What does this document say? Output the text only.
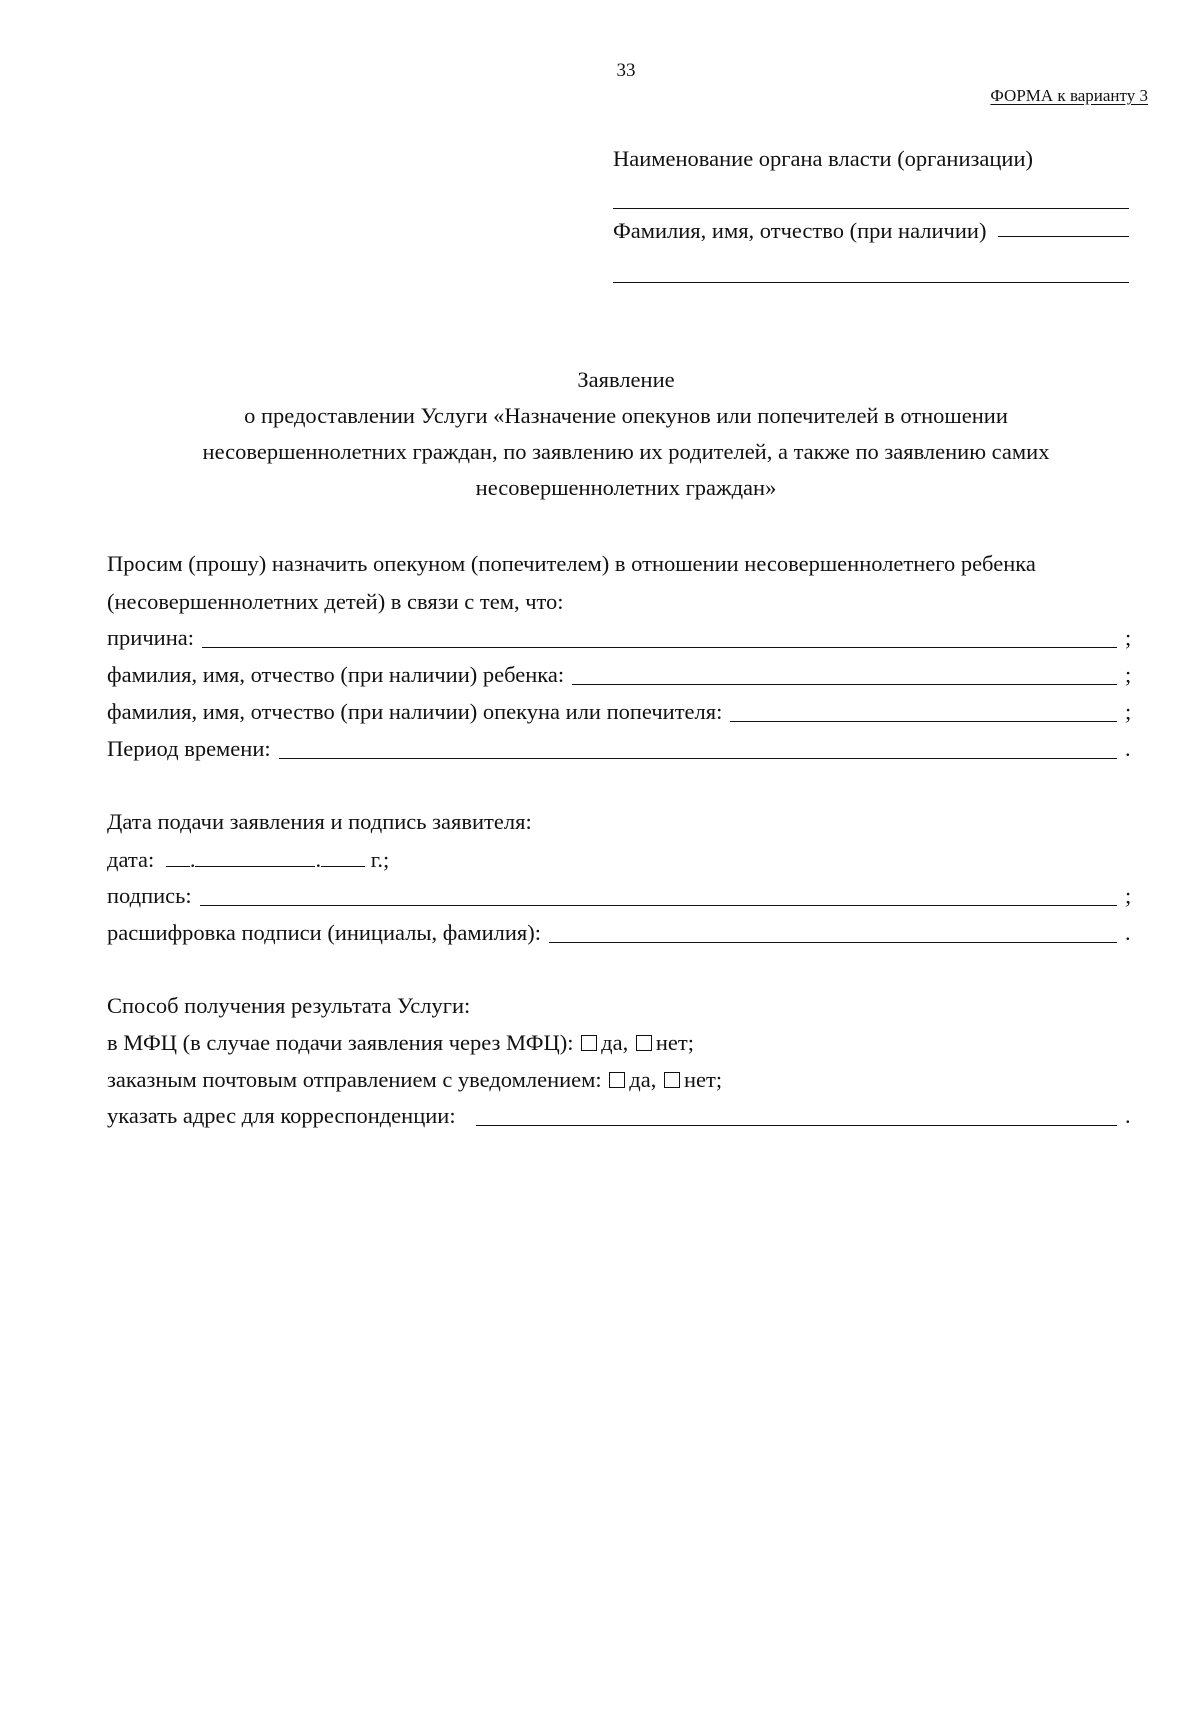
33
ФОРМА к варианту 3
Наименование органа власти (организации)
Фамилия, имя, отчество (при наличии)
Заявление
о предоставлении Услуги «Назначение опекунов или попечителей в отношении
несовершеннолетних граждан, по заявлению их родителей, а также по заявлению самих
несовершеннолетних граждан»
Просим (прошу) назначить опекуном (попечителем) в отношении несовершеннолетнего ребенка
(несовершеннолетних детей) в связи с тем, что:
причина:	;
фамилия, имя, отчество (при наличии) ребенка:	;
фамилия, имя, отчество (при наличии) опекуна или попечителя:	;
Период времени:	.
Дата подачи заявления и подпись заявителя:
дата: .	. г.;
подпись:	;
расшифровка подписи (инициалы, фамилия):	.
Способ получения результата Услуги:
в МФЦ (в случае подачи заявления через МФЦ): да, нет;
заказным почтовым отправлением с уведомлением: да, нет;
указать адрес для корреспонденции:	.
